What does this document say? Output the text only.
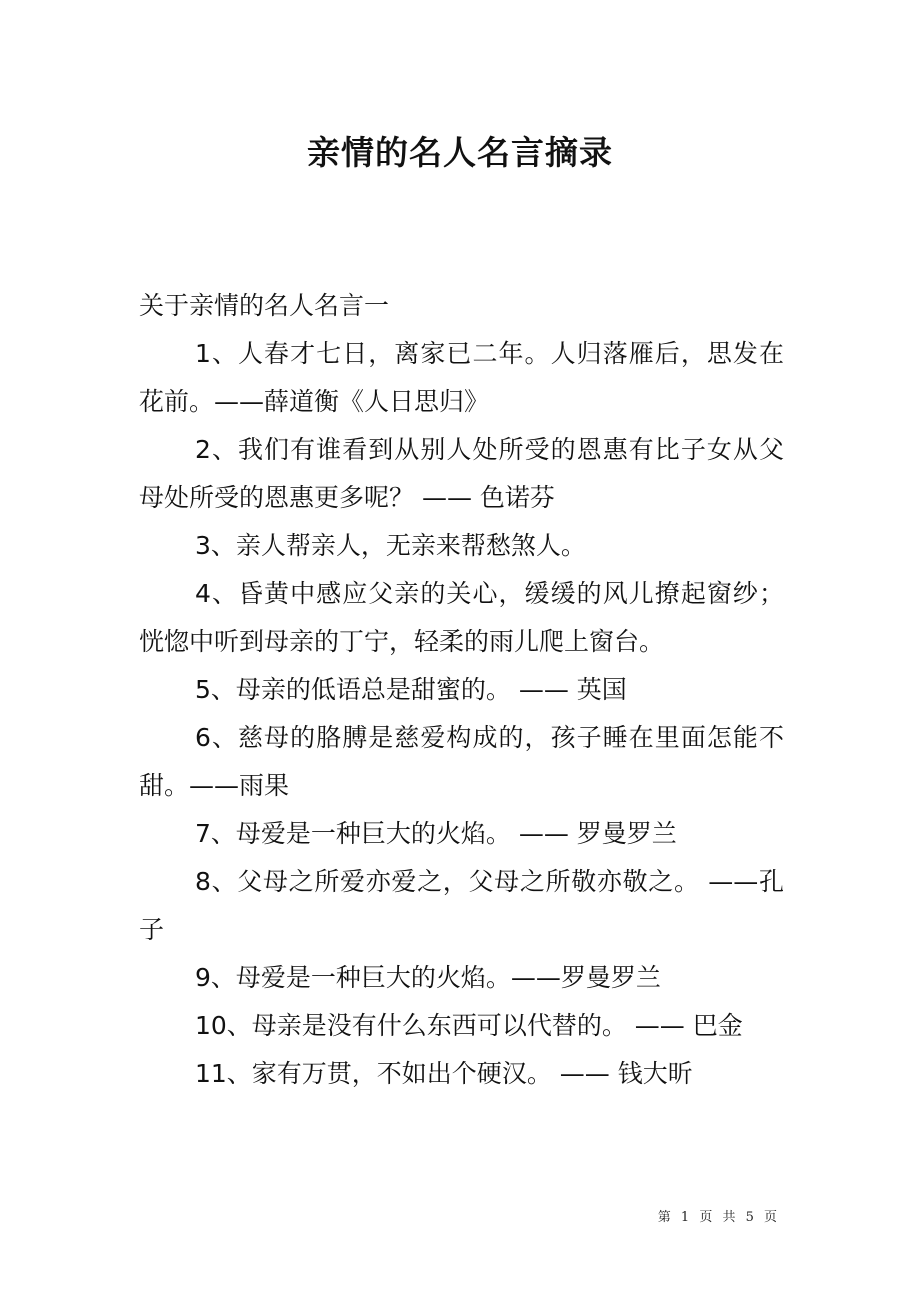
亲情的名人名言摘录

关于亲情的名人名言一

1、人春才七日，离家已二年。人归落雁后，思发在花前。——薛道衡《人日思归》

2、我们有谁看到从别人处所受的恩惠有比子女从父母处所受的恩惠更多呢？ —— 色诺芬

3、亲人帮亲人，无亲来帮愁煞人。

4、昏黄中感应父亲的关心，缓缓的风儿撩起窗纱；恍惚中听到母亲的丁宁，轻柔的雨儿爬上窗台。

5、母亲的低语总是甜蜜的。 —— 英国

6、慈母的胳膊是慈爱构成的，孩子睡在里面怎能不甜。——雨果

7、母爱是一种巨大的火焰。 —— 罗曼罗兰

8、父母之所爱亦爱之，父母之所敬亦敬之。 ——孔子

9、母爱是一种巨大的火焰。——罗曼罗兰

10、母亲是没有什么东西可以代替的。 —— 巴金

11、家有万贯，不如出个硬汉。 —— 钱大昕

第 1 页 共 5 页
